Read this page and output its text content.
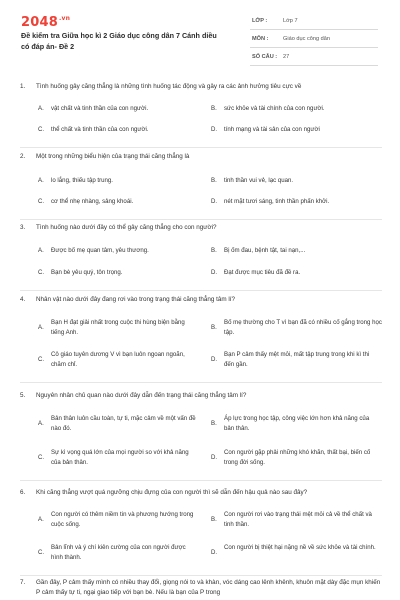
$2048^{.vn}$
Đề kiểm tra Giữa học kì 2 Giáo dục công dân 7 Cánh diều có đáp án- Đề 2
LỚP :	Lớp 7
MÔN :	Giáo dục công dân
SỐ CÂU : 27
1. Tình huống gây căng thẳng là những tình huống tác động và gây ra các ảnh hưởng tiêu cực về
A. vật chất và tinh thần của con người.	B. sức khỏe và tài chính của con người.
C. thể chất và tinh thần của con người.	D. tính mạng và tài sản của con người
2. Một trong những biểu hiện của trạng thái căng thẳng là
A. lo lắng, thiếu tập trung.	B. tinh thần vui vẻ, lạc quan.
C. cơ thể nhẹ nhàng, sảng khoái.	D. nét mặt tươi sáng, tinh thần phấn khởi.
3. Tình huống nào dưới đây có thể gây căng thẳng cho con người?
A. Được bố mẹ quan tâm, yêu thương.	B. Bị ốm đau, bệnh tật, tai nạn,...
C. Bạn bè yêu quý, tôn trọng.	D. Đạt được mục tiêu đã đề ra.
4. Nhân vật nào dưới đây đang rơi vào trong trạng thái căng thẳng tâm lí?
A.
Bạn H đạt giải nhất trong cuộc thi hùng biện bằng tiếng Anh.
B.
Bố mẹ thường cho T vì bạn đã có nhiều cố gắng trong học tập.
C.
Cô giáo tuyên dương V vì bạn luôn ngoan ngoãn, chăm chỉ.
D.
Bạn P cảm thấy mệt mỏi, mất tập trung trong khi kì thi đến gần.
5. Nguyên nhân chủ quan nào dưới đây dẫn đến trạng thái căng thẳng tâm lí?
A.
Bản thân luôn cầu toàn, tự ti, mặc cảm về một vấn đề nào đó.
B.
Áp lực trong học tập, công việc lớn hơn khả năng của bản thân.
C.
Sự kì vọng quá lớn của mọi người so với khả năng của bản thân.
D.
Con người gặp phải những khó khăn, thất bại, biến cố trong đời sống.
6. Khi căng thẳng vượt quá ngưỡng chịu đựng của con người thì sẽ dẫn đến hậu quả nào sau đây?
A.
Con người có thêm niềm tin và phương hướng trong cuộc sống.
B.
Con người rơi vào trạng thái mệt mỏi cả về thể chất và tinh thần.
C.
Bản lĩnh và ý chí kiên cường của con người được hình thành.
D.
Con người bị thiệt hại nặng nề về sức khỏe và tài chính.
7. Gần đây, P cảm thấy mình có nhiều thay đổi, giọng nói to và khàn, vóc dáng cao lênh khênh, khuôn mặt dày đặc mụn khiến P cảm thấy tự ti, ngại giao tiếp với bạn bè. Nếu là bạn của P trong
